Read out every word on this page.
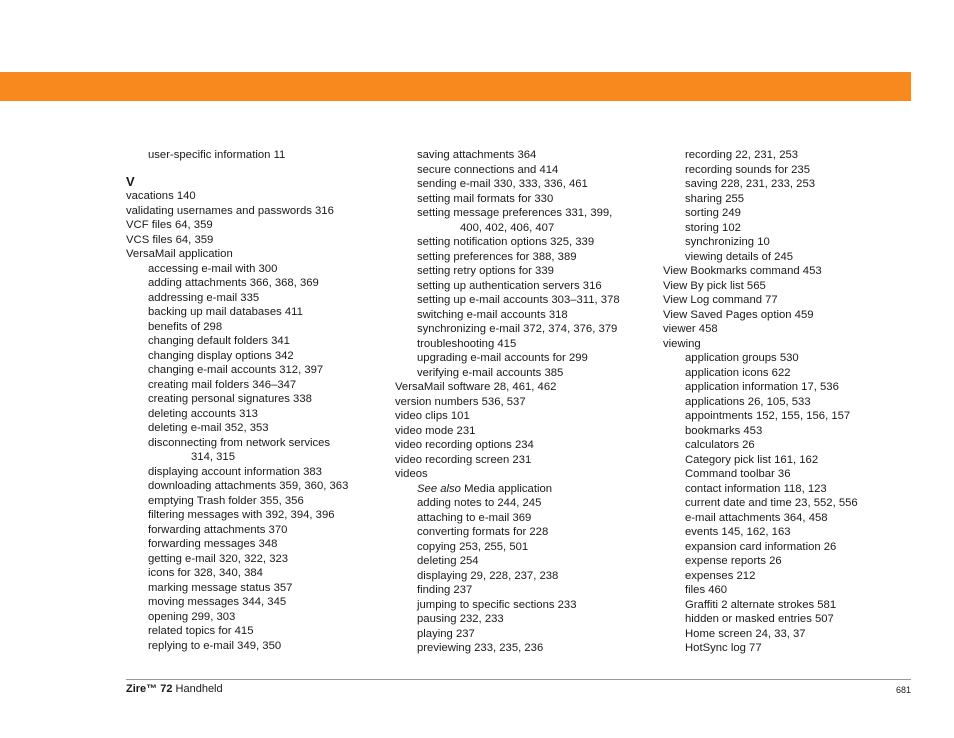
user-specific information 11
V
vacations 140
validating usernames and passwords 316
VCF files 64, 359
VCS files 64, 359
VersaMail application
accessing e-mail with 300
adding attachments 366, 368, 369
addressing e-mail 335
backing up mail databases 411
benefits of 298
changing default folders 341
changing display options 342
changing e-mail accounts 312, 397
creating mail folders 346–347
creating personal signatures 338
deleting accounts 313
deleting e-mail 352, 353
disconnecting from network services
314, 315
displaying account information 383
downloading attachments 359, 360, 363
emptying Trash folder 355, 356
filtering messages with 392, 394, 396
forwarding attachments 370
forwarding messages 348
getting e-mail 320, 322, 323
icons for 328, 340, 384
marking message status 357
moving messages 344, 345
opening 299, 303
related topics for 415
replying to e-mail 349, 350
saving attachments 364
secure connections and 414
sending e-mail 330, 333, 336, 461
setting mail formats for 330
setting message preferences 331, 399,
400, 402, 406, 407
setting notification options 325, 339
setting preferences for 388, 389
setting retry options for 339
setting up authentication servers 316
setting up e-mail accounts 303–311, 378
switching e-mail accounts 318
synchronizing e-mail 372, 374, 376, 379
troubleshooting 415
upgrading e-mail accounts for 299
verifying e-mail accounts 385
VersaMail software 28, 461, 462
version numbers 536, 537
video clips 101
video mode 231
video recording options 234
video recording screen 231
videos
See also Media application
adding notes to 244, 245
attaching to e-mail 369
converting formats for 228
copying 253, 255, 501
deleting 254
displaying 29, 228, 237, 238
finding 237
jumping to specific sections 233
pausing 232, 233
playing 237
previewing 233, 235, 236
recording 22, 231, 253
recording sounds for 235
saving 228, 231, 233, 253
sharing 255
sorting 249
storing 102
synchronizing 10
viewing details of 245
View Bookmarks command 453
View By pick list 565
View Log command 77
View Saved Pages option 459
viewer 458
viewing
application groups 530
application icons 622
application information 17, 536
applications 26, 105, 533
appointments 152, 155, 156, 157
bookmarks 453
calculators 26
Category pick list 161, 162
Command toolbar 36
contact information 118, 123
current date and time 23, 552, 556
e-mail attachments 364, 458
events 145, 162, 163
expansion card information 26
expense reports 26
expenses 212
files 460
Graffiti 2 alternate strokes 581
hidden or masked entries 507
Home screen 24, 33, 37
HotSync log 77
Zire™ 72 Handheld	681
